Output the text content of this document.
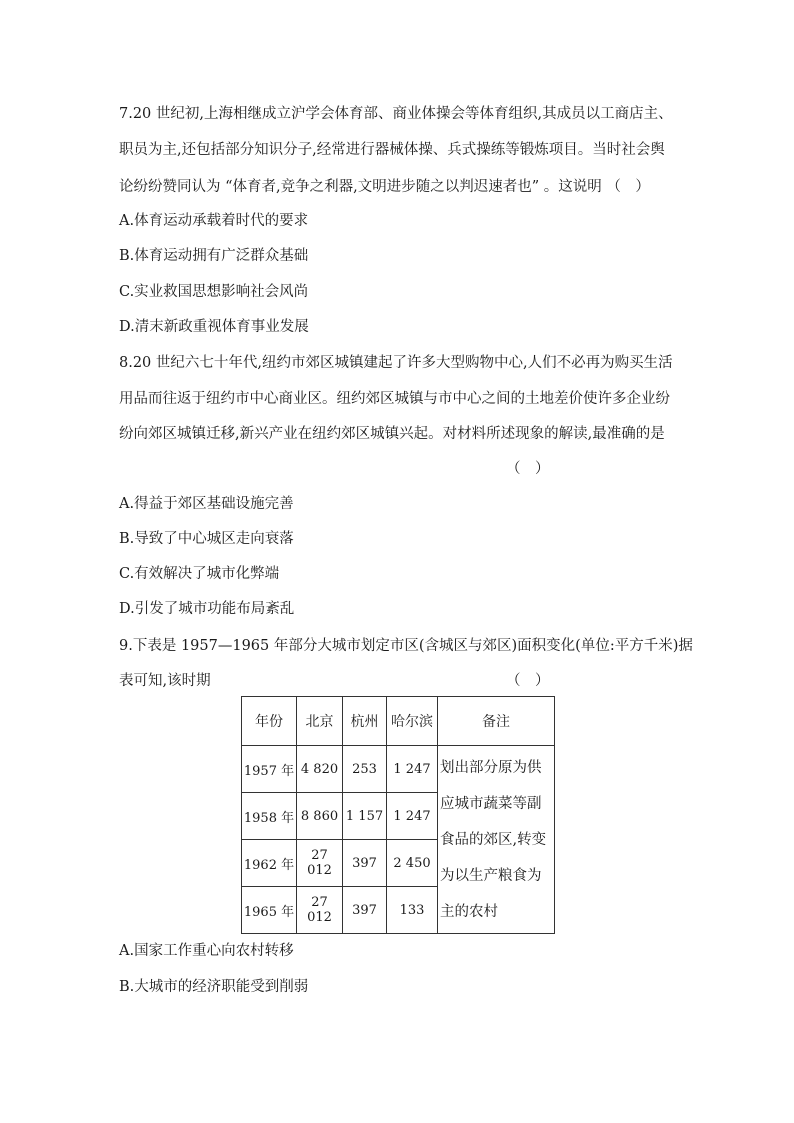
7.20 世纪初,上海相继成立沪学会体育部、商业体操会等体育组织,其成员以工商店主、
职员为主,还包括部分知识分子,经常进行器械体操、兵式操练等锻炼项目。当时社会舆
论纷纷赞同认为 “体育者,竞争之利器,文明进步随之以判迟速者也” 。这说明 （　）
A.体育运动承载着时代的要求
B.体育运动拥有广泛群众基础
C.实业救国思想影响社会风尚
D.清末新政重视体育事业发展
8.20 世纪六七十年代,纽约市郊区城镇建起了许多大型购物中心,人们不必再为购买生活
用品而往返于纽约市中心商业区。纽约郊区城镇与市中心之间的土地差价使许多企业纷
纷向郊区城镇迁移,新兴产业在纽约郊区城镇兴起。对材料所述现象的解读,最准确的是
（　）
A.得益于郊区基础设施完善
B.导致了中心城区走向衰落
C.有效解决了城市化弊端
D.引发了城市功能布局紊乱
9.下表是 1957—1965 年部分大城市划定市区(含城区与郊区)面积变化(单位:平方千米)据
表可知,该时期	（　）
年份	北京	杭州	哈尔滨	备注
1957 年	4 820	253	1 247	划出部分原为供
应城市蔬菜等副
食品的郊区,转变
为以生产粮食为
主的农村

1958 年	8 860	1 157	1 247	
1962 年	27 012	397	2 450	
1965 年	27 012	397	133	
A.国家工作重心向农村转移
B.大城市的经济职能受到削弱
